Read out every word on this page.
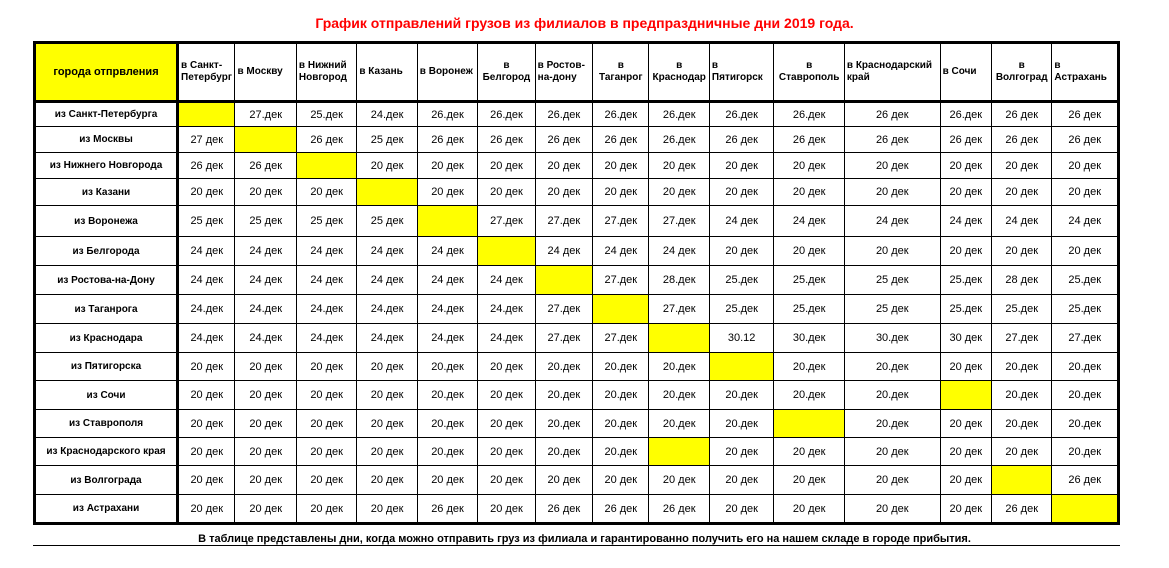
График отправлений грузов из филиалов в предпраздничные дни 2019 года.
города отпрвления	в Санкт-Петербург	в Москву	в Нижний Новгород	в Казань	в Воронеж	в Белгород	в Ростов-на-дону	в Таганрог	в Краснодар	в Пятигорск	в Ставрополь	в Краснодарский край	в Сочи	в Волгоград	в Астрахань
из Санкт-Петербурга		27.дек	25.дек	24.дек	26.дек	26.дек	26.дек	26.дек	26.дек	26.дек	26.дек	26 дек	26.дек	26 дек	26 дек
из Москвы	27 дек		26 дек	25 дек	26 дек	26 дек	26 дек	26 дек	26.дек	26 дек	26 дек	26 дек	26 дек	26 дек	26 дек
из Нижнего Новгорода	26 дек	26 дек		20 дек	20 дек	20 дек	20 дек	20 дек	20 дек	20 дек	20 дек	20 дек	20 дек	20 дек	20 дек
из Казани	20 дек	20 дек	20 дек		20 дек	20 дек	20 дек	20 дек	20 дек	20 дек	20 дек	20 дек	20 дек	20 дек	20 дек
из Воронежа	25 дек	25 дек	25 дек	25 дек		27.дек	27.дек	27.дек	27.дек	24 дек	24 дек	24 дек	24 дек	24 дек	24 дек
из Белгорода	24 дек	24 дек	24 дек	24 дек	24 дек		24 дек	24 дек	24 дек	20 дек	20 дек	20 дек	20 дек	20 дек	20 дек
из Ростова-на-Дону	24 дек	24 дек	24 дек	24 дек	24 дек	24 дек		27.дек	28.дек	25.дек	25.дек	25 дек	25.дек	28 дек	25.дек
из Таганрога	24.дек	24.дек	24.дек	24.дек	24.дек	24.дек	27.дек		27.дек	25.дек	25.дек	25 дек	25.дек	25.дек	25.дек
из Краснодара	24.дек	24.дек	24.дек	24.дек	24.дек	24.дек	27.дек	27.дек		30.12	30.дек	30.дек	30 дек	27.дек	27.дек
из Пятигорска	20 дек	20 дек	20 дек	20 дек	20.дек	20 дек	20.дек	20.дек	20.дек		20.дек	20.дек	20 дек	20.дек	20.дек
из Сочи	20 дек	20 дек	20 дек	20 дек	20.дек	20 дек	20.дек	20.дек	20.дек	20.дек	20.дек	20.дек		20.дек	20.дек
из Ставрополя	20 дек	20 дек	20 дек	20 дек	20.дек	20 дек	20.дек	20.дек	20.дек	20.дек		20.дек	20 дек	20.дек	20.дек
из Краснодарского края	20 дек	20 дек	20 дек	20 дек	20.дек	20 дек	20.дек	20.дек		20 дек	20 дек	20 дек	20 дек	20 дек	20.дек
из Волгограда	20 дек	20 дек	20 дек	20 дек	20 дек	20 дек	20 дек	20 дек	20 дек	20 дек	20 дек	20 дек	20 дек		26 дек
из Астрахани	20 дек	20 дек	20 дек	20 дек	26 дек	20 дек	26 дек	26 дек	26 дек	20 дек	20 дек	20 дек	20 дек	26 дек	
В таблице представлены дни, когда можно отправить груз из филиала и гарантированно получить его на нашем складе в городе прибытия.
